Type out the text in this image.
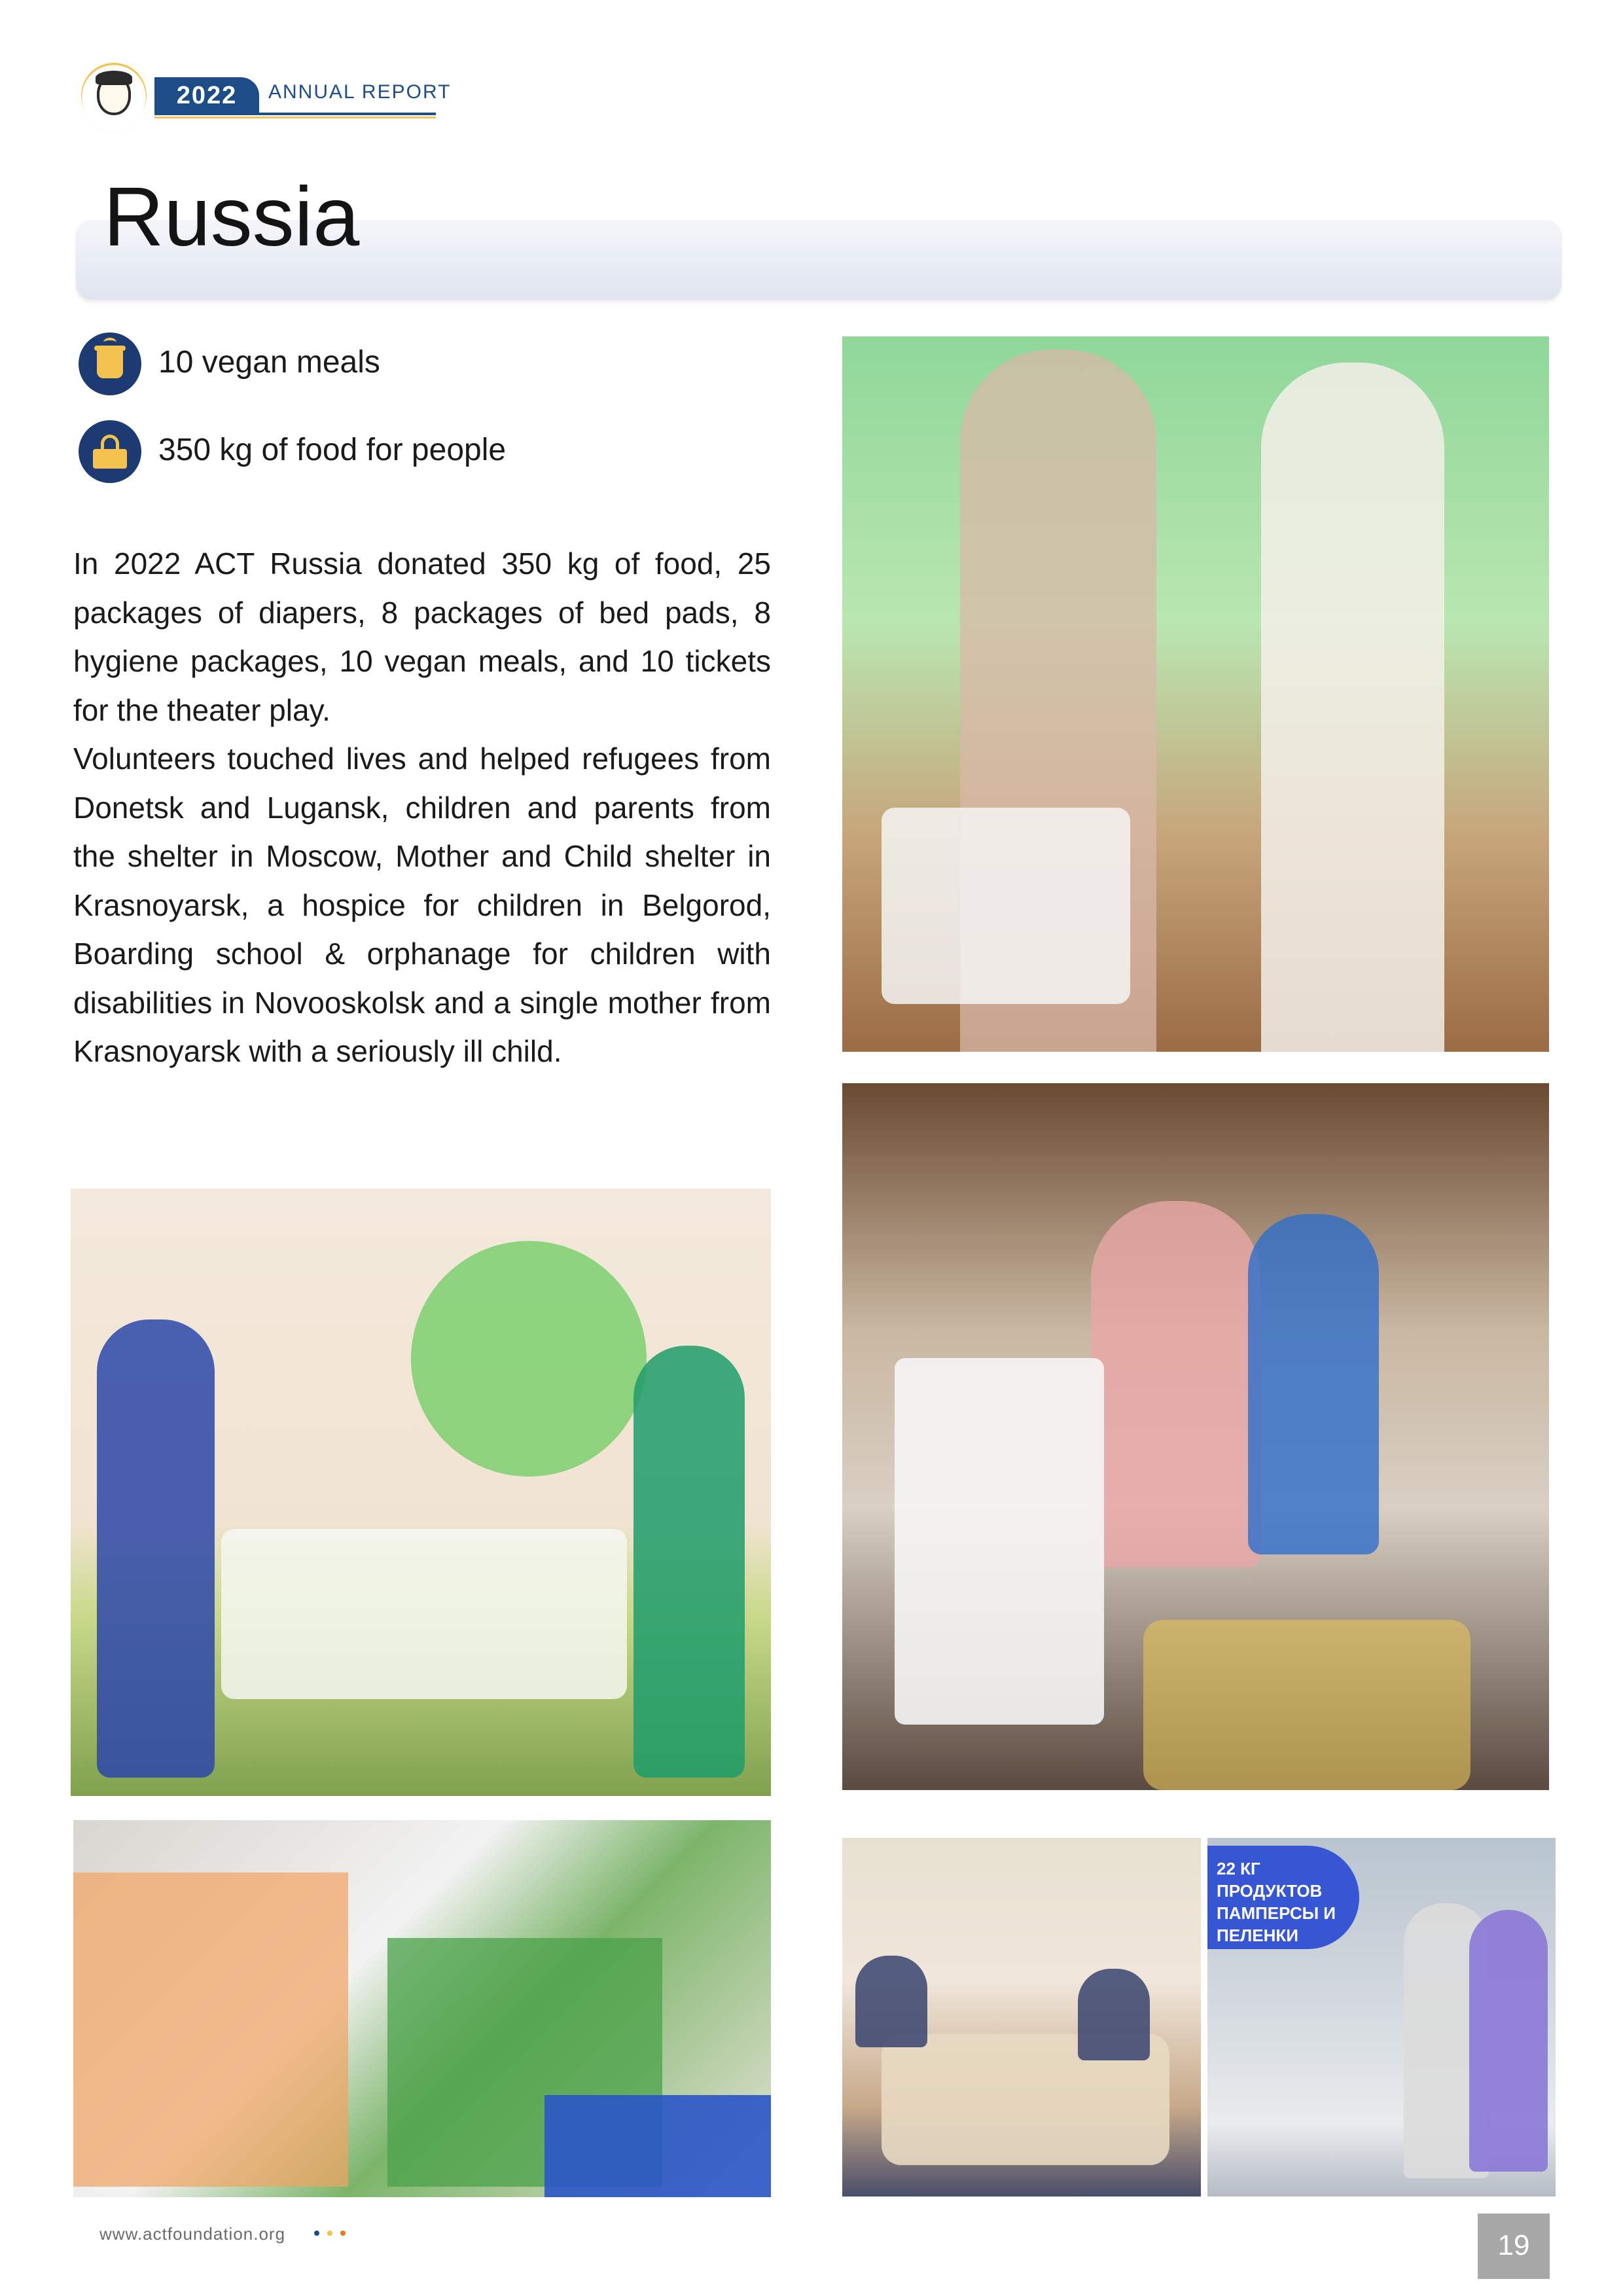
2022	ANNUAL REPORT
Russia
10 vegan meals
350 kg of food for people

In 2022 ACT Russia donated 350 kg of food, 25 packages of diapers, 8 packages of bed pads, 8 hygiene packages, 10 vegan meals, and 10 tickets for the theater play.

Volunteers touched lives and helped refugees from Donetsk and Lugansk, children and parents from the shelter in Moscow, Mother and Child shelter in Krasnoyarsk, a hospice for children in Belgorod, Boarding school & orphanage for children with disabilities in Novooskolsk and a single mother from Krasnoyarsk with a seriously ill child.

22 КГ
ПРОДУКТОВ
ПАМПЕРСЫ И
ПЕЛЕНКИ
www.actfoundation.org	19
